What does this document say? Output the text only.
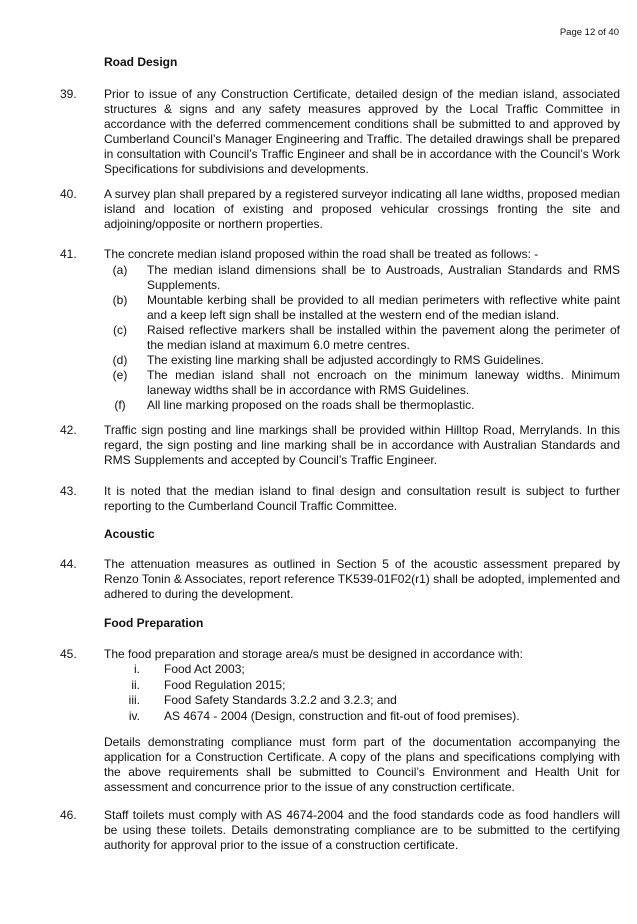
Page 12 of 40
Road Design
39. Prior to issue of any Construction Certificate, detailed design of the median island, associated structures & signs and any safety measures approved by the Local Traffic Committee in accordance with the deferred commencement conditions shall be submitted to and approved by Cumberland Council’s Manager Engineering and Traffic. The detailed drawings shall be prepared in consultation with Council’s Traffic Engineer and shall be in accordance with the Council’s Work Specifications for subdivisions and developments.
40. A survey plan shall prepared by a registered surveyor indicating all lane widths, proposed median island and location of existing and proposed vehicular crossings fronting the site and adjoining/opposite or northern properties.
41. The concrete median island proposed within the road shall be treated as follows: -
(a)	The median island dimensions shall be to Austroads, Australian Standards and RMS Supplements.
(b)	Mountable kerbing shall be provided to all median perimeters with reflective white paint and a keep left sign shall be installed at the western end of the median island.
(c)	Raised reflective markers shall be installed within the pavement along the perimeter of the median island at maximum 6.0 metre centres.
(d)	The existing line marking shall be adjusted accordingly to RMS Guidelines.
(e)	The median island shall not encroach on the minimum laneway widths. Minimum laneway widths shall be in accordance with RMS Guidelines.
(f)	All line marking proposed on the roads shall be thermoplastic.
42. Traffic sign posting and line markings shall be provided within Hilltop Road, Merrylands. In this regard, the sign posting and line marking shall be in accordance with Australian Standards and RMS Supplements and accepted by Council’s Traffic Engineer.
43. It is noted that the median island to final design and consultation result is subject to further reporting to the Cumberland Council Traffic Committee.
Acoustic
44. The attenuation measures as outlined in Section 5 of the acoustic assessment prepared by Renzo Tonin & Associates, report reference TK539-01F02(r1) shall be adopted, implemented and adhered to during the development.
Food Preparation
45. The food preparation and storage area/s must be designed in accordance with:
i. Food Act 2003;
ii. Food Regulation 2015;
iii. Food Safety Standards 3.2.2 and 3.2.3; and
iv. AS 4674 - 2004 (Design, construction and fit-out of food premises).
Details demonstrating compliance must form part of the documentation accompanying the application for a Construction Certificate. A copy of the plans and specifications complying with the above requirements shall be submitted to Council’s Environment and Health Unit for assessment and concurrence prior to the issue of any construction certificate.
46. Staff toilets must comply with AS 4674-2004 and the food standards code as food handlers will be using these toilets. Details demonstrating compliance are to be submitted to the certifying authority for approval prior to the issue of a construction certificate.
